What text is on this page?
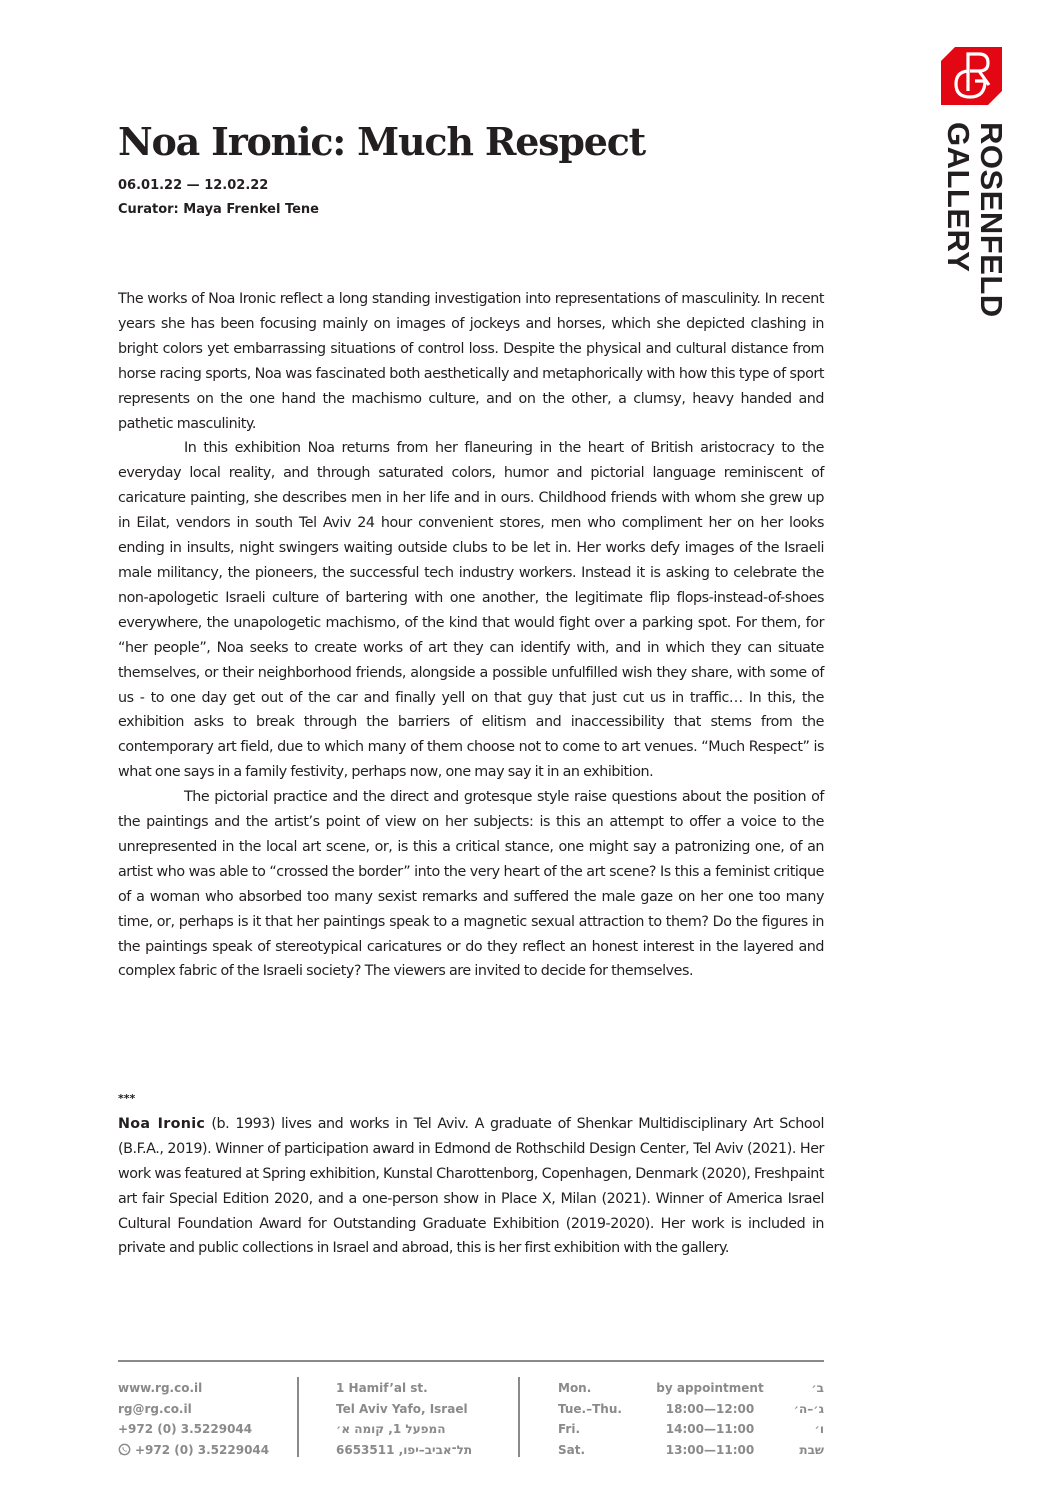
ROSENFELD
GALLERY
Noa Ironic: Much Respect
06.01.22 — 12.02.22
Curator: Maya Frenkel Tene

The works of Noa Ironic reflect a long standing investigation into representations of masculinity. In recent years she has been focusing mainly on images of jockeys and horses, which she depicted clashing in bright colors yet embarrassing situations of control loss. Despite the physical and cultural distance from horse racing sports, Noa was fascinated both aesthetically and metaphorically with how this type of sport represents on the one hand the machismo culture, and on the other, a clumsy, heavy handed and pathetic masculinity.

In this exhibition Noa returns from her flaneuring in the heart of British aristocracy to the everyday local reality, and through saturated colors, humor and pictorial language reminiscent of caricature painting, she describes men in her life and in ours. Childhood friends with whom she grew up in Eilat, vendors in south Tel Aviv 24 hour convenient stores, men who compliment her on her looks ending in insults, night swingers waiting outside clubs to be let in. Her works defy images of the Israeli male militancy, the pioneers, the successful tech industry workers. Instead it is asking to celebrate the non-apologetic Israeli culture of bartering with one another, the legitimate flip flops-instead-of-shoes everywhere, the unapologetic machismo, of the kind that would fight over a parking spot. For them, for “her people”, Noa seeks to create works of art they can identify with, and in which they can situate themselves, or their neighborhood friends, alongside a possible unfulfilled wish they share, with some of us - to one day get out of the car and finally yell on that guy that just cut us in traffic… In this, the exhibition asks to break through the barriers of elitism and inaccessibility that stems from the contemporary art field, due to which many of them choose not to come to art venues. “Much Respect” is what one says in a family festivity, perhaps now, one may say it in an exhibition.

The pictorial practice and the direct and grotesque style raise questions about the position of the paintings and the artist’s point of view on her subjects: is this an attempt to offer a voice to the unrepresented in the local art scene, or, is this a critical stance, one might say a patronizing one, of an artist who was able to “crossed the border” into the very heart of the art scene? Is this a feminist critique of a woman who absorbed too many sexist remarks and suffered the male gaze on her one too many time, or, perhaps is it that her paintings speak to a magnetic sexual attraction to them? Do the figures in the paintings speak of stereotypical caricatures or do they reflect an honest interest in the layered and complex fabric of the Israeli society? The viewers are invited to decide for themselves.

***

Noa Ironic (b. 1993) lives and works in Tel Aviv. A graduate of Shenkar Multidisciplinary Art School (B.F.A., 2019). Winner of participation award in Edmond de Rothschild Design Center, Tel Aviv (2021). Her work was featured at Spring exhibition, Kunstal Charottenborg, Copenhagen, Denmark (2020), Freshpaint art fair Special Edition 2020, and a one-person show in Place X, Milan (2021). Winner of America Israel Cultural Foundation Award for Outstanding Graduate Exhibition (2019-2020). Her work is included in private and public collections in Israel and abroad, this is her first exhibition with the gallery.

www.rg.co.il
rg@rg.co.il
+972 (0) 3.5229044
+972 (0) 3.5229044
1 Hamif’al st.
Tel Aviv Yafo, Israel
המפעל 1, קומה א׳
תל־אביב–יפו, 6653511
Mon.	by appointment	ב׳
Tue.–Thu.	18:00—12:00	ג׳–ה׳
Fri.	14:00—11:00	ו׳
Sat.	13:00—11:00	שבת
